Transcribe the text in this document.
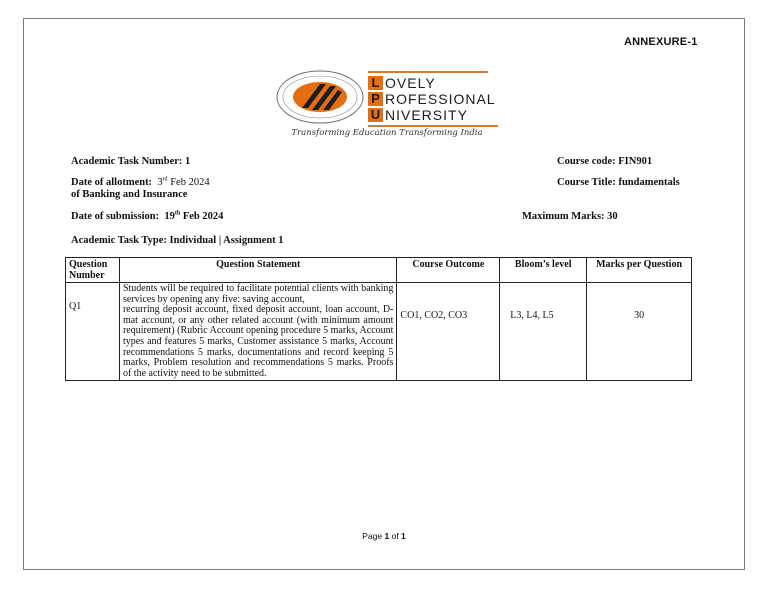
ANNEXURE-1
L OVELY
P ROFESSIONAL
U NIVERSITY
Transforming Education Transforming India
Academic Task Number: 1	Course code: FIN901
Date of allotment: 3rd Feb 2024	Course Title: fundamentals
of Banking and Insurance
Date of submission: 19th Feb 2024	Maximum Marks: 30
Academic Task Type: Individual | Assignment 1
Question Number	Question Statement	Course Outcome	Bloom’s level	Marks per Question
Q1	Students will be required to facilitate potential clients with banking services by opening any five: saving account,
recurring deposit account, fixed deposit account, loan account, D-mat account, or any other related account (with minimum amount requirement) (Rubric Account opening procedure 5 marks, Account types and features 5 marks, Customer assistance 5 marks, Account recommendations 5 marks, documentations and record keeping 5 marks, Problem resolution and recommendations 5 marks. Proofs of the activity need to be submitted.	CO1, CO2, CO3	L3, L4, L5	30
Page 1 of 1
